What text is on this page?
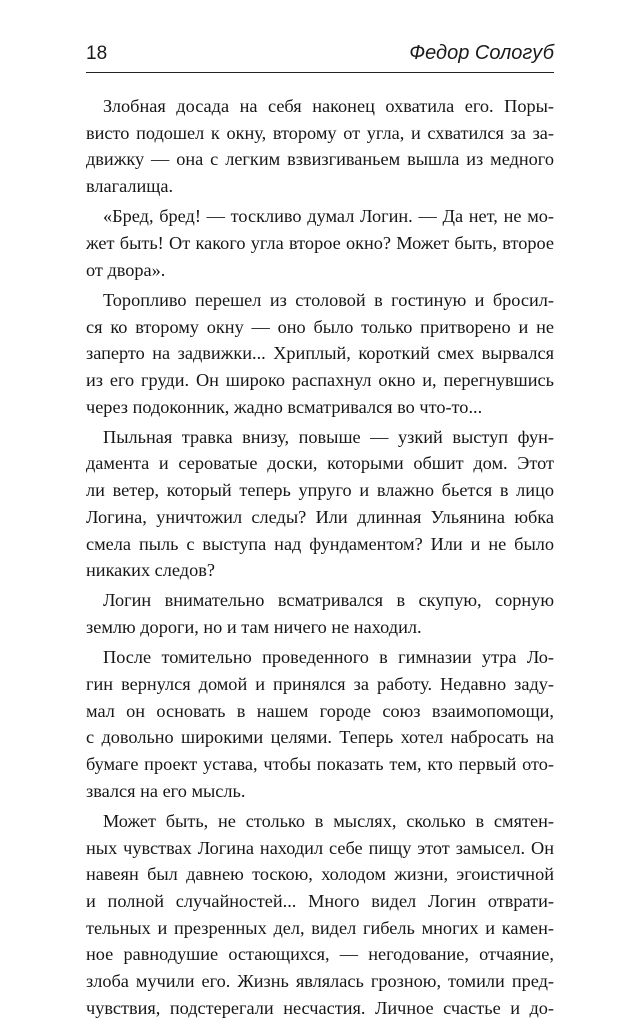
18	Федор Сологуб

Злобная досада на себя наконец охватила его. Поры-
висто подошел к окну, второму от угла, и схватился за за-
движку — она с легким взвизгиваньем вышла из медного
влагалища.

«Бред, бред! — тоскливо думал Логин. — Да нет, не мо-
жет быть! От какого угла второе окно? Может быть, второе
от двора».

Торопливо перешел из столовой в гостиную и бросил-
ся ко второму окну — оно было только притворено и не
заперто на задвижки... Хриплый, короткий смех вырвался
из его груди. Он широко распахнул окно и, перегнувшись
через подоконник, жадно всматривался во что-то...

Пыльная травка внизу, повыше — узкий выступ фун-
дамента и сероватые доски, которыми обшит дом. Этот
ли ветер, который теперь упруго и влажно бьется в лицо
Логина, уничтожил следы? Или длинная Ульянина юбка
смела пыль с выступа над фундаментом? Или и не было
никаких следов?

Логин внимательно всматривался в скупую, сорную
землю дороги, но и там ничего не находил.

После томительно проведенного в гимназии утра Ло-
гин вернулся домой и принялся за работу. Недавно заду-
мал он основать в нашем городе союз взаимопомощи,
с довольно широкими целями. Теперь хотел набросать на
бумаге проект устава, чтобы показать тем, кто первый ото-
звался на его мысль.

Может быть, не столько в мыслях, сколько в смятен-
ных чувствах Логина находил себе пищу этот замысел. Он
навеян был давнею тоскою, холодом жизни, эгоистичной
и полной случайностей... Много видел Логин отврати-
тельных и презренных дел, видел гибель многих и камен-
ное равнодушие остающихся, — негодование, отчаяние,
злоба мучили его. Жизнь являлась грозною, томили пред-
чувствия, подстерегали несчастия. Личное счастье и до-
